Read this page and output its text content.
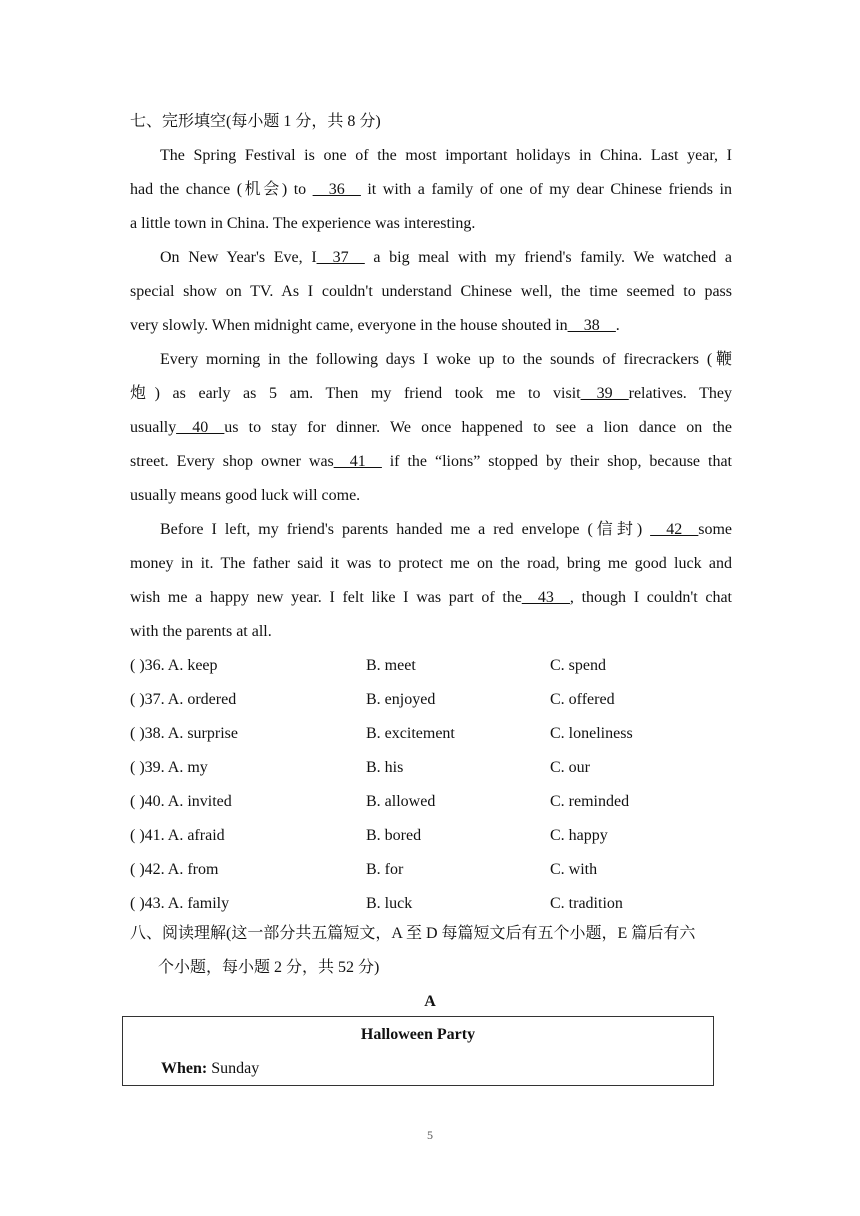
七、完形填空(每小题 1 分，共 8 分)
The Spring Festival is one of the most important holidays in China. Last year, I
had the chance (机会) to __36__ it with a family of one of my dear Chinese friends in
a little town in China. The experience was interesting.
On New Year's Eve, I__37__ a big meal with my friend's family. We watched a
special show on TV. As I couldn't understand Chinese well, the time seemed to pass
very slowly. When midnight came, everyone in the house shouted in__38__.
Every morning in the following days I woke up to the sounds of firecrackers (鞭
炮) as early as 5 am. Then my friend took me to visit__39__relatives. They
usually__40__us to stay for dinner. We once happened to see a lion dance on the
street. Every shop owner was__41__ if the “lions” stopped by their shop, because that
usually means good luck will come.
Before I left, my friend's parents handed me a red envelope (信封) __42__some
money in it. The father said it was to protect me on the road, bring me good luck and
wish me a happy new year. I felt like I was part of the__43__, though I couldn't chat
with the parents at all.
( )36. A. keep	B. meet	C. spend
( )37. A. ordered	B. enjoyed	C. offered
( )38. A. surprise	B. excitement	C. loneliness
( )39. A. my	B. his	C. our
( )40. A. invited	B. allowed	C. reminded
( )41. A. afraid	B. bored	C. happy
( )42. A. from	B. for	C. with
( )43. A. family	B. luck	C. tradition
八、阅读理解(这一部分共五篇短文，A 至 D 每篇短文后有五个小题，E 篇后有六
个小题，每小题 2 分，共 52 分)
A
Halloween Party
When: Sunday
5
